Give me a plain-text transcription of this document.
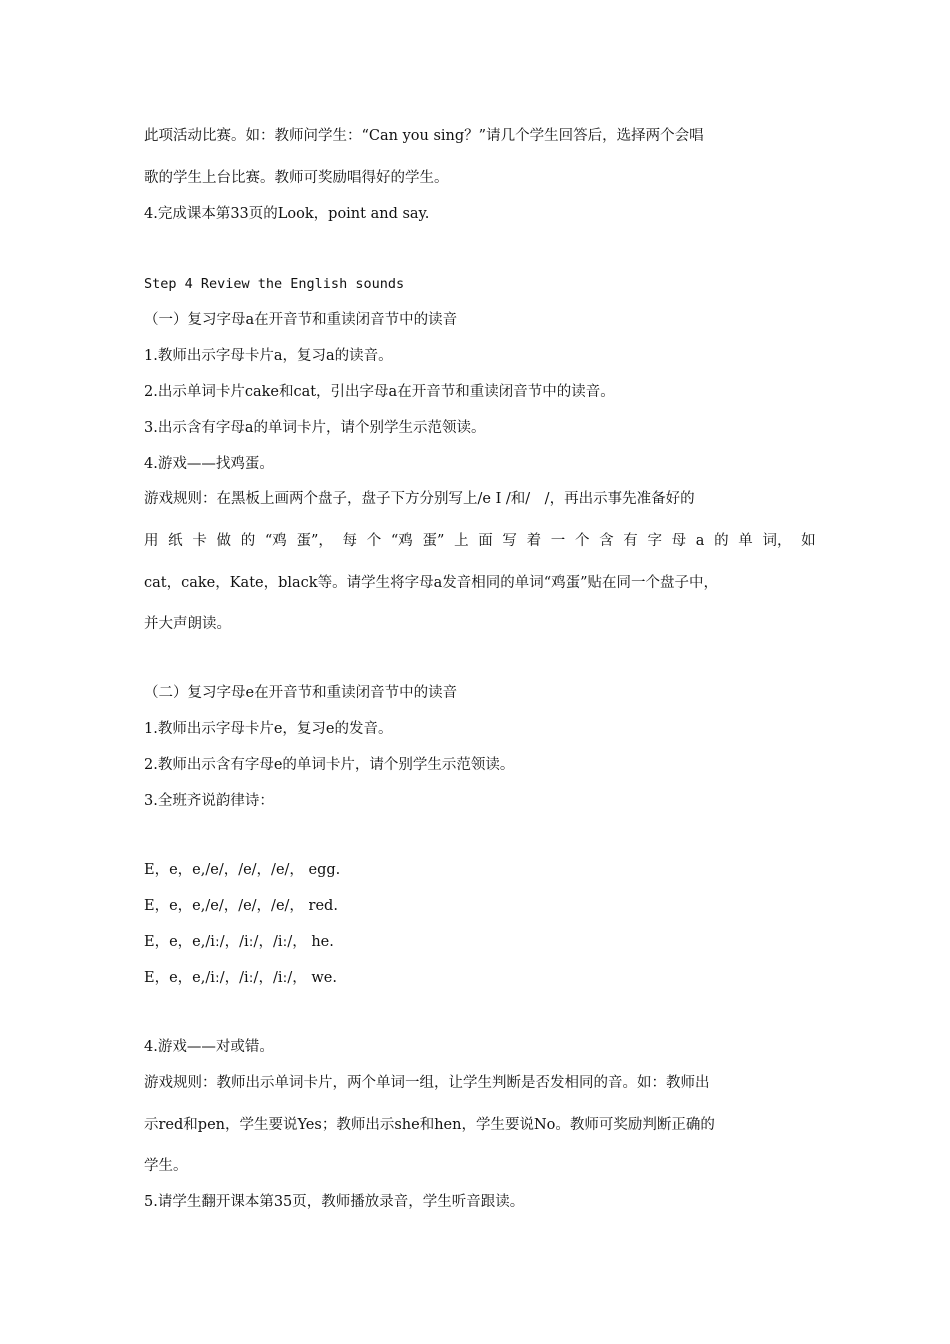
此项活动比赛。如：教师问学生：“Can you sing？”请几个学生回答后，选择两个会唱
歌的学生上台比赛。教师可奖励唱得好的学生。
4.完成课本第33页的Look，point and say.
Step 4 Review the English sounds
（一）复习字母a在开音节和重读闭音节中的读音
1.教师出示字母卡片a，复习a的读音。
2.出示单词卡片cake和cat，引出字母a在开音节和重读闭音节中的读音。
3.出示含有字母a的单词卡片，请个别学生示范领读。
4.游戏——找鸡蛋。
游戏规则：在黑板上画两个盘子，盘子下方分别写上/e I /和/　/，再出示事先准备好的
用 纸 卡 做 的 “鸡 蛋”， 每 个 “鸡 蛋” 上 面 写 着 一 个 含 有 字 母 a 的 单 词， 如
cat，cake，Kate，black等。请学生将字母a发音相同的单词“鸡蛋”贴在同一个盘子中，
并大声朗读。
（二）复习字母e在开音节和重读闭音节中的读音
1.教师出示字母卡片e，复习e的发音。
2.教师出示含有字母e的单词卡片，请个别学生示范领读。
3.全班齐说韵律诗：
E，e，e,/e/，/e/，/e/， egg.
E，e，e,/e/，/e/，/e/， red.
E，e，e,/iː/，/iː/，/iː/， he.
E，e，e,/iː/，/iː/，/iː/， we.
4.游戏——对或错。
游戏规则：教师出示单词卡片，两个单词一组，让学生判断是否发相同的音。如：教师出
示red和pen，学生要说Yes；教师出示she和hen，学生要说No。教师可奖励判断正确的
学生。
5.请学生翻开课本第35页，教师播放录音，学生听音跟读。
